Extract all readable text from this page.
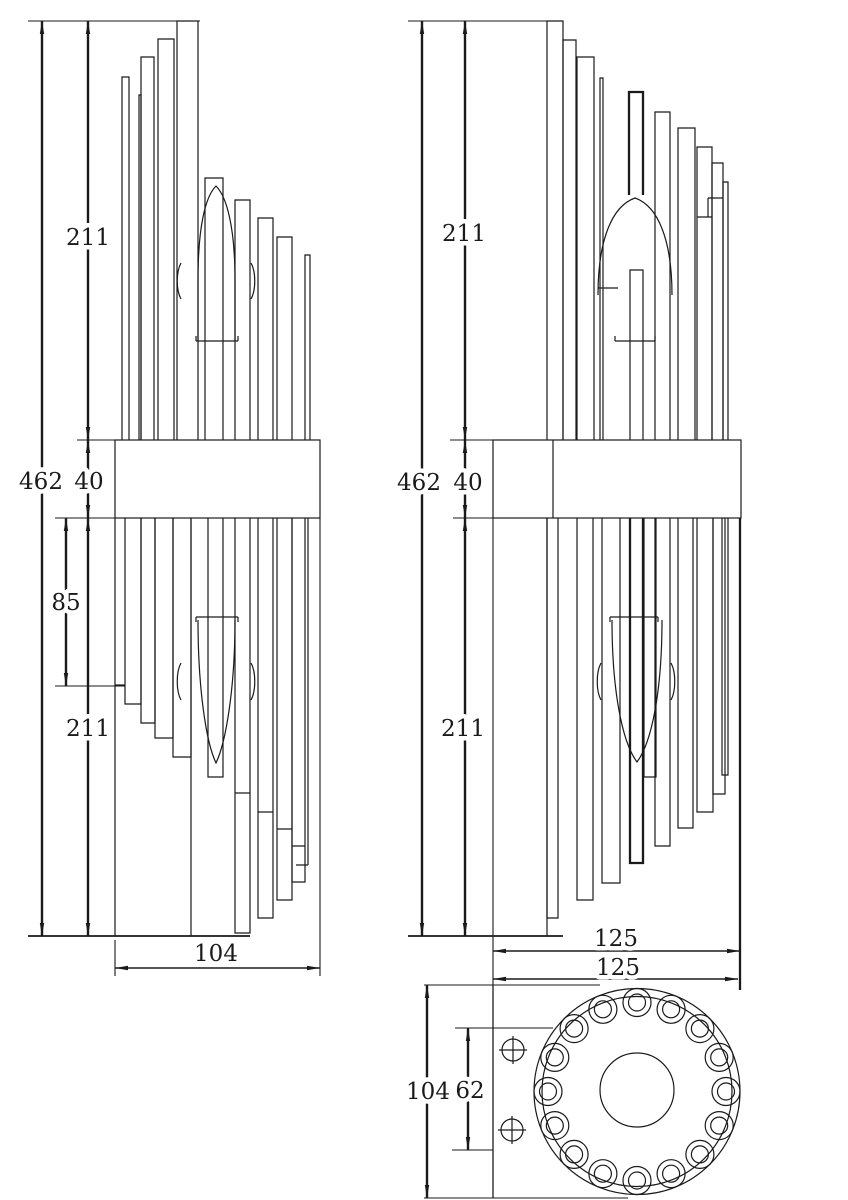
462
211
40
85
211
104
462
211
40
211
125
125
104 62
